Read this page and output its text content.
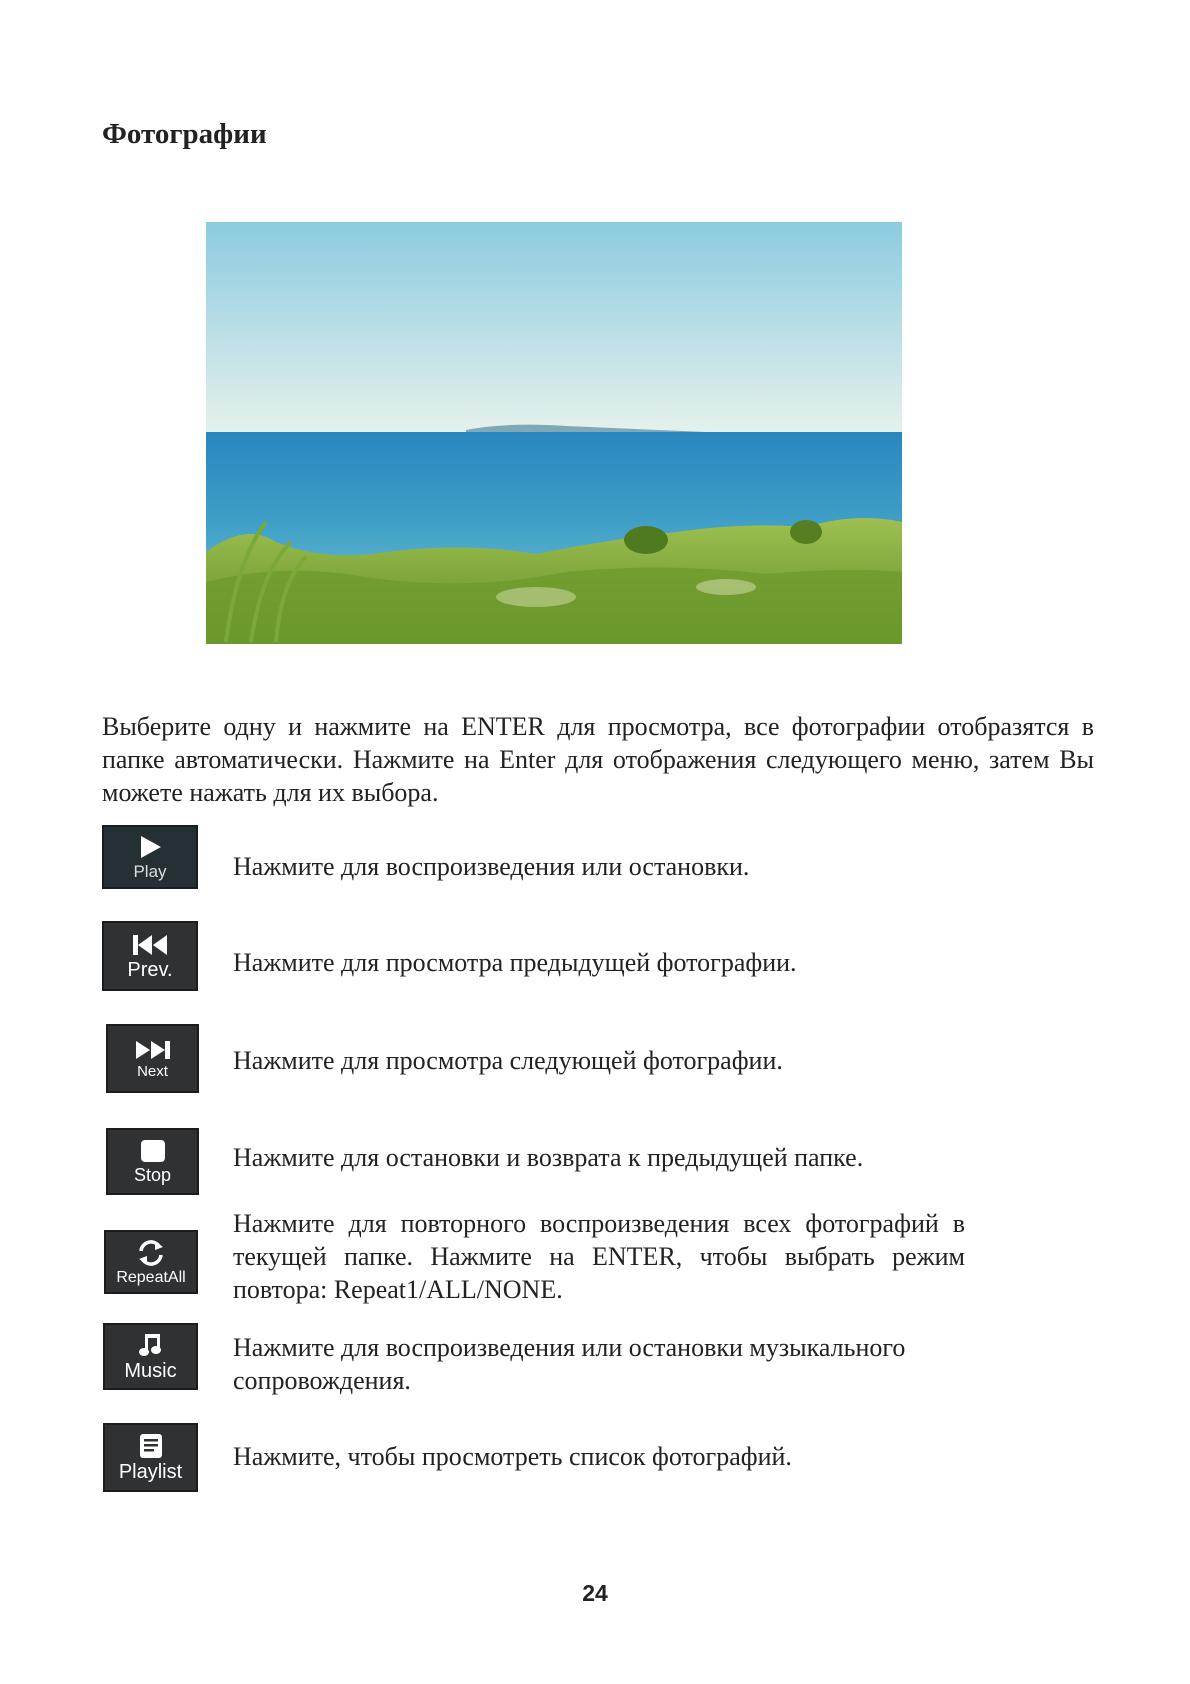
Фотографии

Выберите одну и нажмите на ENTER для просмотра, все фотографии отобразятся в папке автоматически. Нажмите на Enter для отображения следующего меню, затем Вы можете нажать для их выбора.

Play	Нажмите для воспроизведения или остановки.

Prev. Нажмите для просмотра предыдущей фотографии.

Next	Нажмите для просмотра следующей фотографии.

Stop

Нажмите для остановки и возврата к предыдущей папке.

RepeatAll

Нажмите для повторного воспроизведения всех фотографий в текущей папке. Нажмите на ENTER, чтобы выбрать режим повтора: Repeat1/ALL/NONE.

Music

Нажмите для воспроизведения или остановки музыкального сопровождения.

Playlist

Нажмите, чтобы просмотреть список фотографий.

24
